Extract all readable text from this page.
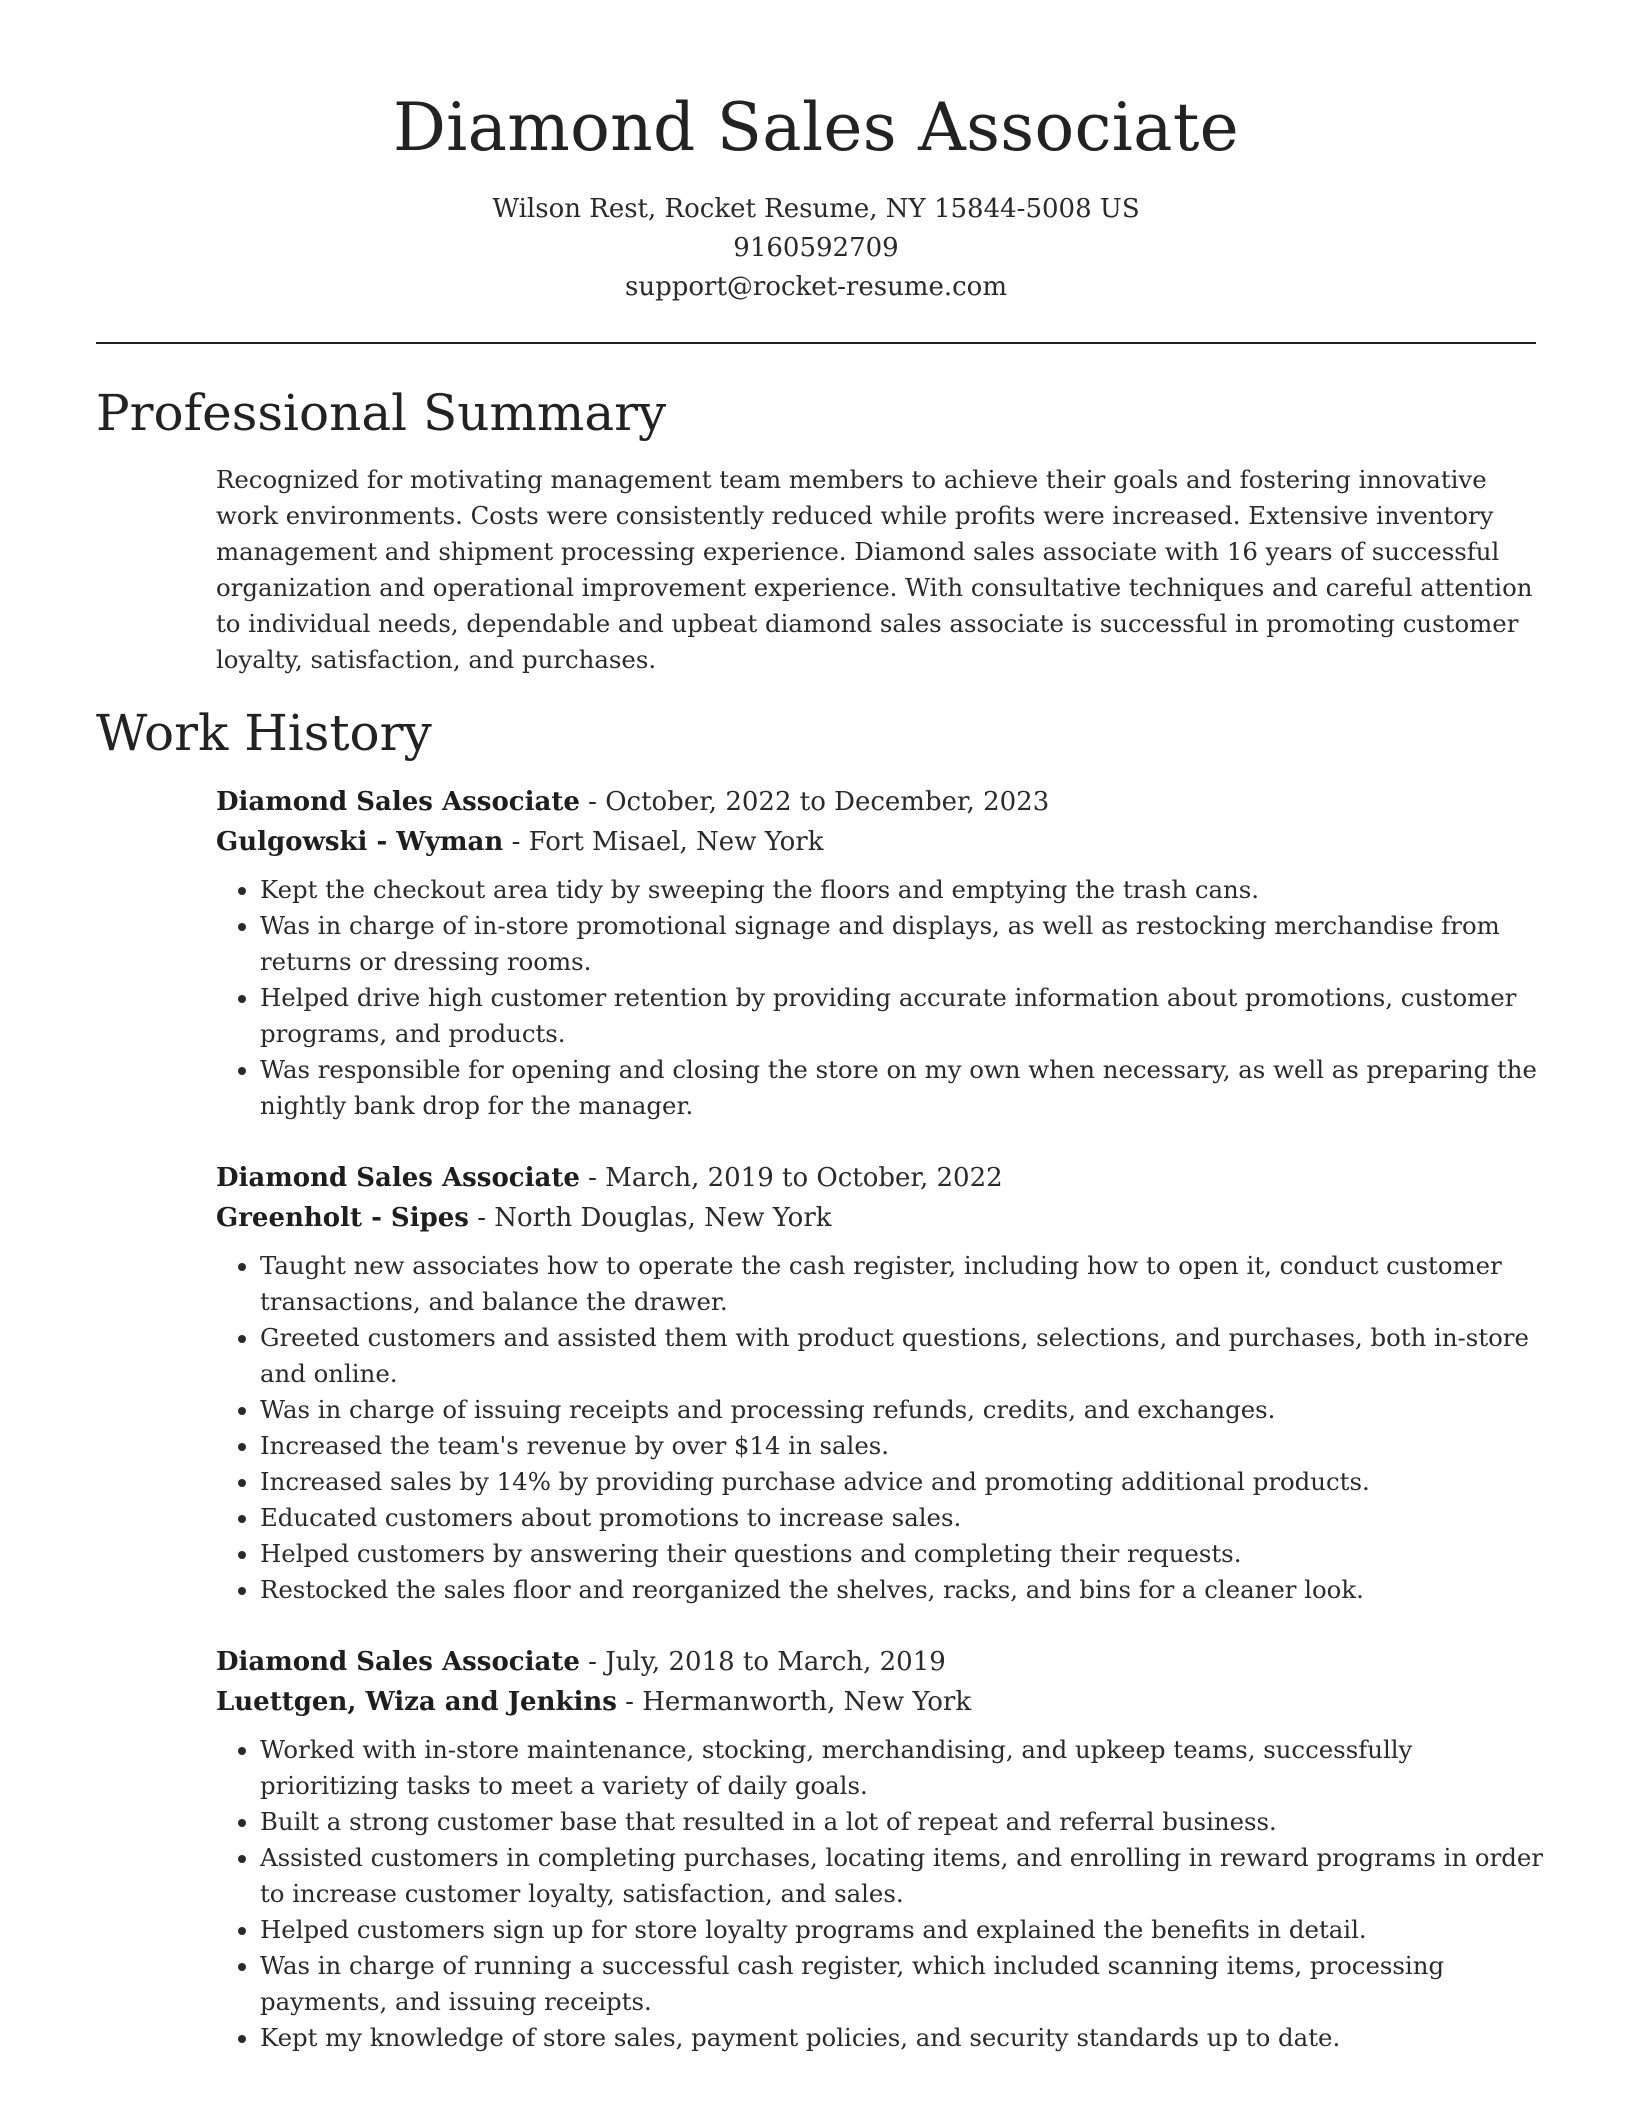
Diamond Sales Associate
Wilson Rest, Rocket Resume, NY 15844-5008 US
9160592709
support@rocket-resume.com
Professional Summary

Recognized for motivating management team members to achieve their goals and fostering innovative work environments. Costs were consistently reduced while profits were increased. Extensive inventory management and shipment processing experience. Diamond sales associate with 16 years of successful organization and operational improvement experience. With consultative techniques and careful attention to individual needs, dependable and upbeat diamond sales associate is successful in promoting customer loyalty, satisfaction, and purchases.

Work History
Diamond Sales Associate - October, 2022 to December, 2023
Gulgowski - Wyman - Fort Misael, New York
• Kept the checkout area tidy by sweeping the floors and emptying the trash cans.
• Was in charge of in-store promotional signage and displays, as well as restocking merchandise from returns or dressing rooms.
• Helped drive high customer retention by providing accurate information about promotions, customer programs, and products.
• Was responsible for opening and closing the store on my own when necessary, as well as preparing the nightly bank drop for the manager.
Diamond Sales Associate - March, 2019 to October, 2022
Greenholt - Sipes - North Douglas, New York
• Taught new associates how to operate the cash register, including how to open it, conduct customer transactions, and balance the drawer.
• Greeted customers and assisted them with product questions, selections, and purchases, both in-store and online.
• Was in charge of issuing receipts and processing refunds, credits, and exchanges.
• Increased the team's revenue by over $14 in sales.
• Increased sales by 14% by providing purchase advice and promoting additional products.
• Educated customers about promotions to increase sales.
• Helped customers by answering their questions and completing their requests.
• Restocked the sales floor and reorganized the shelves, racks, and bins for a cleaner look.
Diamond Sales Associate - July, 2018 to March, 2019
Luettgen, Wiza and Jenkins - Hermanworth, New York
• Worked with in-store maintenance, stocking, merchandising, and upkeep teams, successfully prioritizing tasks to meet a variety of daily goals.
• Built a strong customer base that resulted in a lot of repeat and referral business.
• Assisted customers in completing purchases, locating items, and enrolling in reward programs in order to increase customer loyalty, satisfaction, and sales.
• Helped customers sign up for store loyalty programs and explained the benefits in detail.
• Was in charge of running a successful cash register, which included scanning items, processing payments, and issuing receipts.
• Kept my knowledge of store sales, payment policies, and security standards up to date.
